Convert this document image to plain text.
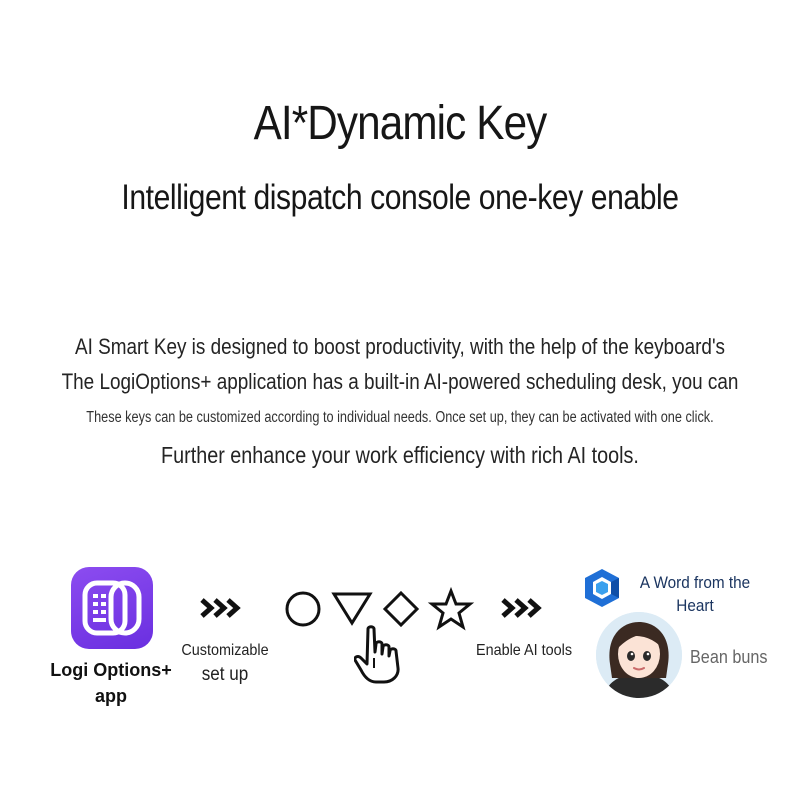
AI*Dynamic Key
Intelligent dispatch console one-key enable

AI Smart Key is designed to boost productivity, with the help of the keyboard's

The LogiOptions+ application has a built-in AI-powered scheduling desk, you can

These keys can be customized according to individual needs. Once set up, they can be activated with one click.

Further enhance your work efficiency with rich AI tools.

Logi Options+ app
Customizable
set up
Enable AI tools
A Word from the Heart
Bean buns
